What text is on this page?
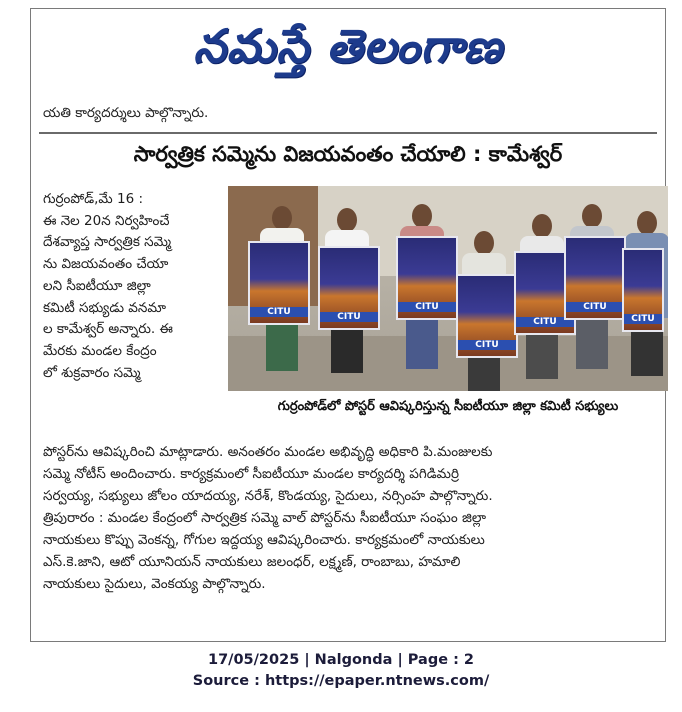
నమస్తే తెలంగాణ
యతి కార్యదర్శులు పాల్గొన్నారు.
సార్వత్రిక సమ్మెను విజయవంతం చేయాలి : కామేశ్వర్
గుర్రంపోడ్,మే 16 :
ఈ నెల 20న నిర్వహించే
దేశవ్యాప్త సార్వత్రిక సమ్మె
ను విజయవంతం చేయా
లని సీఐటీయూ జిల్లా
కమిటీ సభ్యుడు వనమా
ల కామేశ్వర్ అన్నారు. ఈ
మేరకు మండల కేంద్రం
లో శుక్రవారం సమ్మె
CITU	CITU
CITU
CITU
CITU
CITU
CITU
గుర్రంపోడ్‌లో పోస్టర్ ఆవిష్కరిస్తున్న సీఐటీయూ జిల్లా కమిటీ సభ్యులు
పోస్టర్‌ను ఆవిష్కరించి మాట్లాడారు. అనంతరం మండల అభివృద్ధి అధికారి పి.మంజులకు
సమ్మె నోటీస్ అందించారు. కార్యక్రమంలో సీఐటీయూ మండల కార్యదర్శి పగిడిమర్రి
సర్వయ్య, సభ్యులు జోలం యాదయ్య, నరేశ్, కొండయ్య, సైదులు, నర్సింహ పాల్గొన్నారు.
త్రిపురారం : మండల కేంద్రంలో సార్వత్రిక సమ్మె వాల్ పోస్టర్‌ను సీఐటీయూ సంఘం జిల్లా
నాయకులు కొప్పు వెంకన్న, గోగుల ఇద్దయ్య ఆవిష్కరించారు. కార్యక్రమంలో నాయకులు
ఎస్.కె.జాని, ఆటో యూనియన్ నాయకులు జలంధర్, లక్ష్మణ్, రాంబాబు, హమాలి
నాయకులు సైదులు, వెంకయ్య పాల్గొన్నారు.
17/05/2025 | Nalgonda | Page : 2
Source : https://epaper.ntnews.com/
